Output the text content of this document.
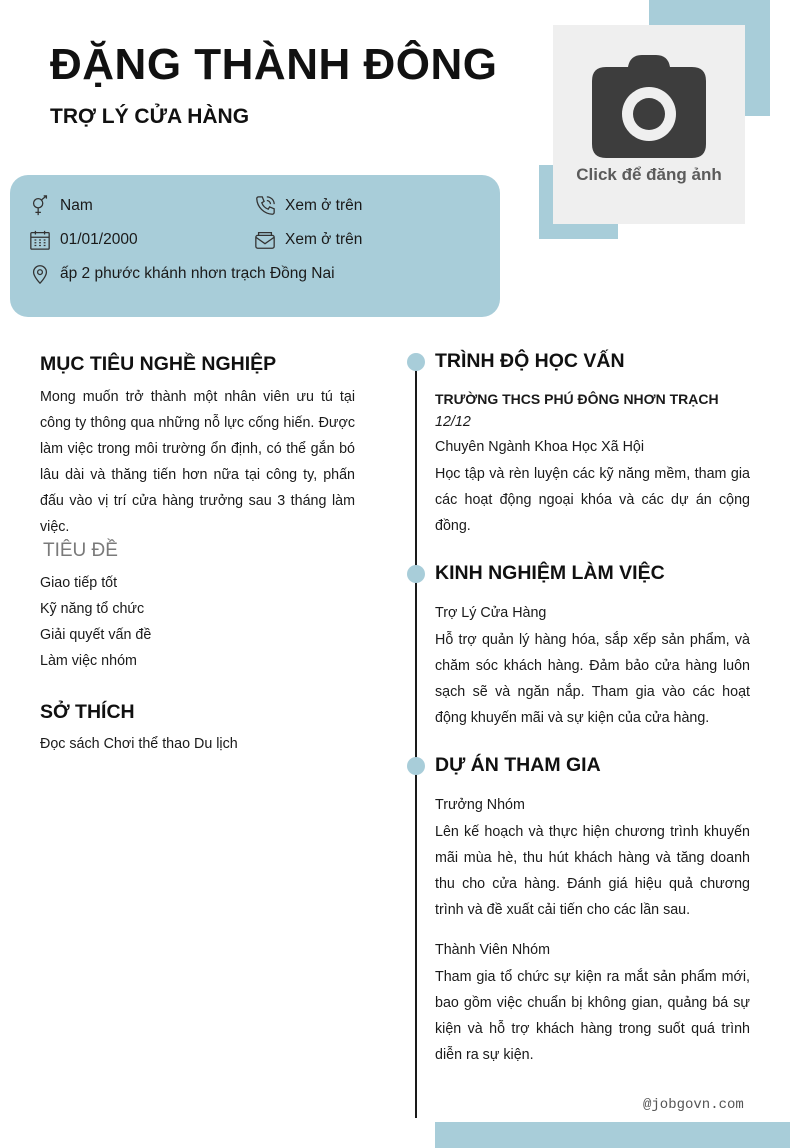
Click để đăng ảnh
ĐẶNG THÀNH ĐÔNG
TRỢ LÝ CỬA HÀNG
Nam	Xem ở trên
01/01/2000	Xem ở trên
ấp 2 phước khánh nhơn trạch Đồng Nai
MỤC TIÊU NGHỀ NGHIỆP
Mong muốn trở thành một nhân viên ưu tú tại công ty thông qua những nỗ lực cống hiến. Được làm việc trong môi trường ổn định, có thể gắn bó lâu dài và thăng tiến hơn nữa tại công ty, phấn đấu vào vị trí cửa hàng trưởng sau 3 tháng làm việc.
TIÊU ĐỀ
Giao tiếp tốt
Kỹ năng tổ chức
Giải quyết vấn đề
Làm việc nhóm
SỞ THÍCH
Đọc sách Chơi thể thao Du lịch
TRÌNH ĐỘ HỌC VẤN
TRƯỜNG THCS PHÚ ĐÔNG NHƠN TRẠCH
12/12
Chuyên Ngành Khoa Học Xã Hội
Học tập và rèn luyện các kỹ năng mềm, tham gia các hoạt động ngoại khóa và các dự án cộng đồng.
KINH NGHIỆM LÀM VIỆC
Trợ Lý Cửa Hàng
Hỗ trợ quản lý hàng hóa, sắp xếp sản phẩm, và chăm sóc khách hàng. Đảm bảo cửa hàng luôn sạch sẽ và ngăn nắp. Tham gia vào các hoạt động khuyến mãi và sự kiện của cửa hàng.
DỰ ÁN THAM GIA
Trưởng Nhóm
Lên kế hoạch và thực hiện chương trình khuyến mãi mùa hè, thu hút khách hàng và tăng doanh thu cho cửa hàng. Đánh giá hiệu quả chương trình và đề xuất cải tiến cho các lần sau.
Thành Viên Nhóm
Tham gia tổ chức sự kiện ra mắt sản phẩm mới, bao gồm việc chuẩn bị không gian, quảng bá sự kiện và hỗ trợ khách hàng trong suốt quá trình diễn ra sự kiện.
@jobgovn.com
